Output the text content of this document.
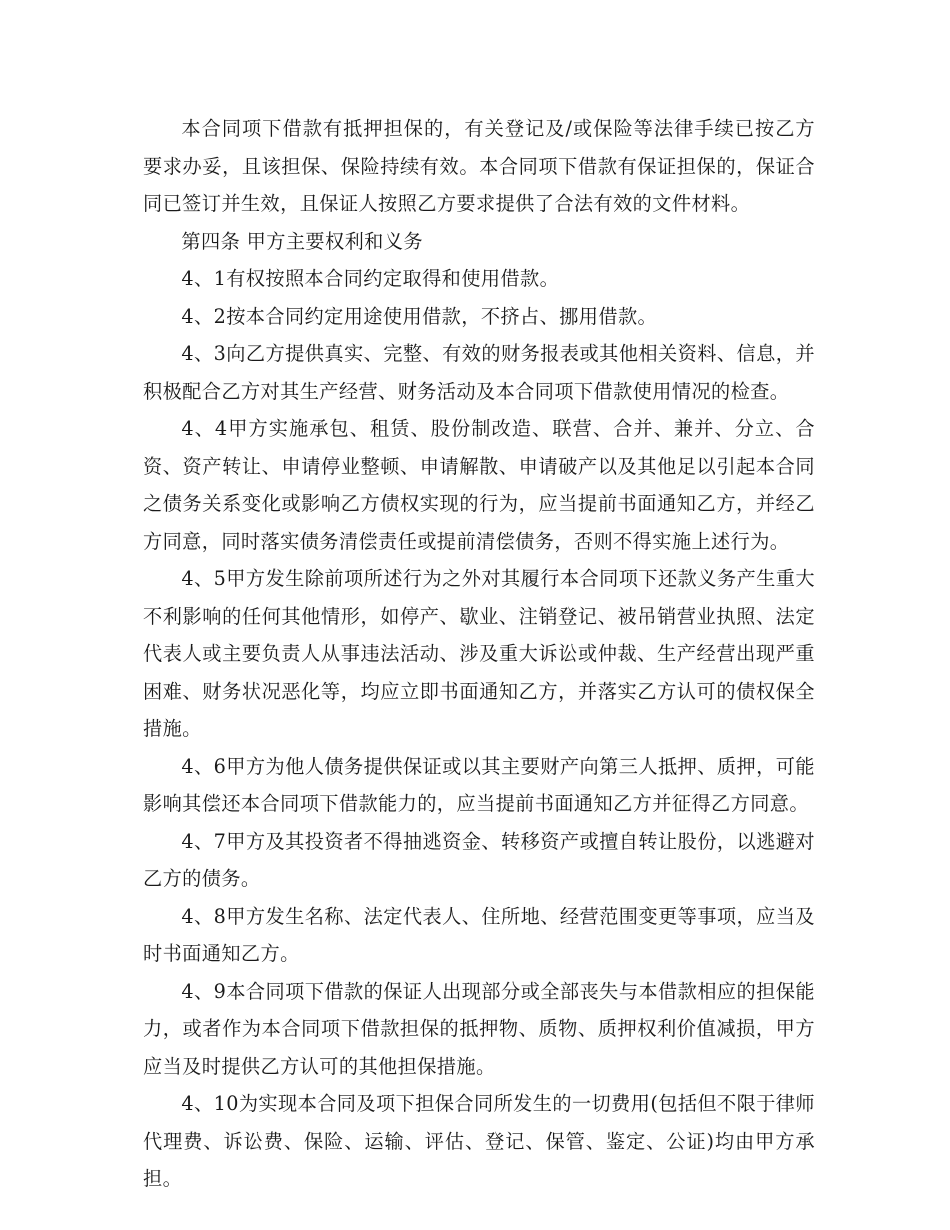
本合同项下借款有抵押担保的，有关登记及/或保险等法律手续已按乙方要求办妥，且该担保、保险持续有效。本合同项下借款有保证担保的，保证合同已签订并生效，且保证人按照乙方要求提供了合法有效的文件材料。

第四条 甲方主要权利和义务

4、1有权按照本合同约定取得和使用借款。

4、2按本合同约定用途使用借款，不挤占、挪用借款。

4、3向乙方提供真实、完整、有效的财务报表或其他相关资料、信息，并积极配合乙方对其生产经营、财务活动及本合同项下借款使用情况的检查。

4、4甲方实施承包、租赁、股份制改造、联营、合并、兼并、分立、合资、资产转让、申请停业整顿、申请解散、申请破产以及其他足以引起本合同之债务关系变化或影响乙方债权实现的行为，应当提前书面通知乙方，并经乙方同意，同时落实债务清偿责任或提前清偿债务，否则不得实施上述行为。

4、5甲方发生除前项所述行为之外对其履行本合同项下还款义务产生重大不利影响的任何其他情形，如停产、歇业、注销登记、被吊销营业执照、法定代表人或主要负责人从事违法活动、涉及重大诉讼或仲裁、生产经营出现严重困难、财务状况恶化等，均应立即书面通知乙方，并落实乙方认可的债权保全措施。

4、6甲方为他人债务提供保证或以其主要财产向第三人抵押、质押，可能影响其偿还本合同项下借款能力的，应当提前书面通知乙方并征得乙方同意。

4、7甲方及其投资者不得抽逃资金、转移资产或擅自转让股份，以逃避对乙方的债务。

4、8甲方发生名称、法定代表人、住所地、经营范围变更等事项，应当及时书面通知乙方。

4、9本合同项下借款的保证人出现部分或全部丧失与本借款相应的担保能力，或者作为本合同项下借款担保的抵押物、质物、质押权利价值减损，甲方应当及时提供乙方认可的其他担保措施。

4、10为实现本合同及项下担保合同所发生的一切费用(包括但不限于律师代理费、诉讼费、保险、运输、评估、登记、保管、鉴定、公证)均由甲方承担。
